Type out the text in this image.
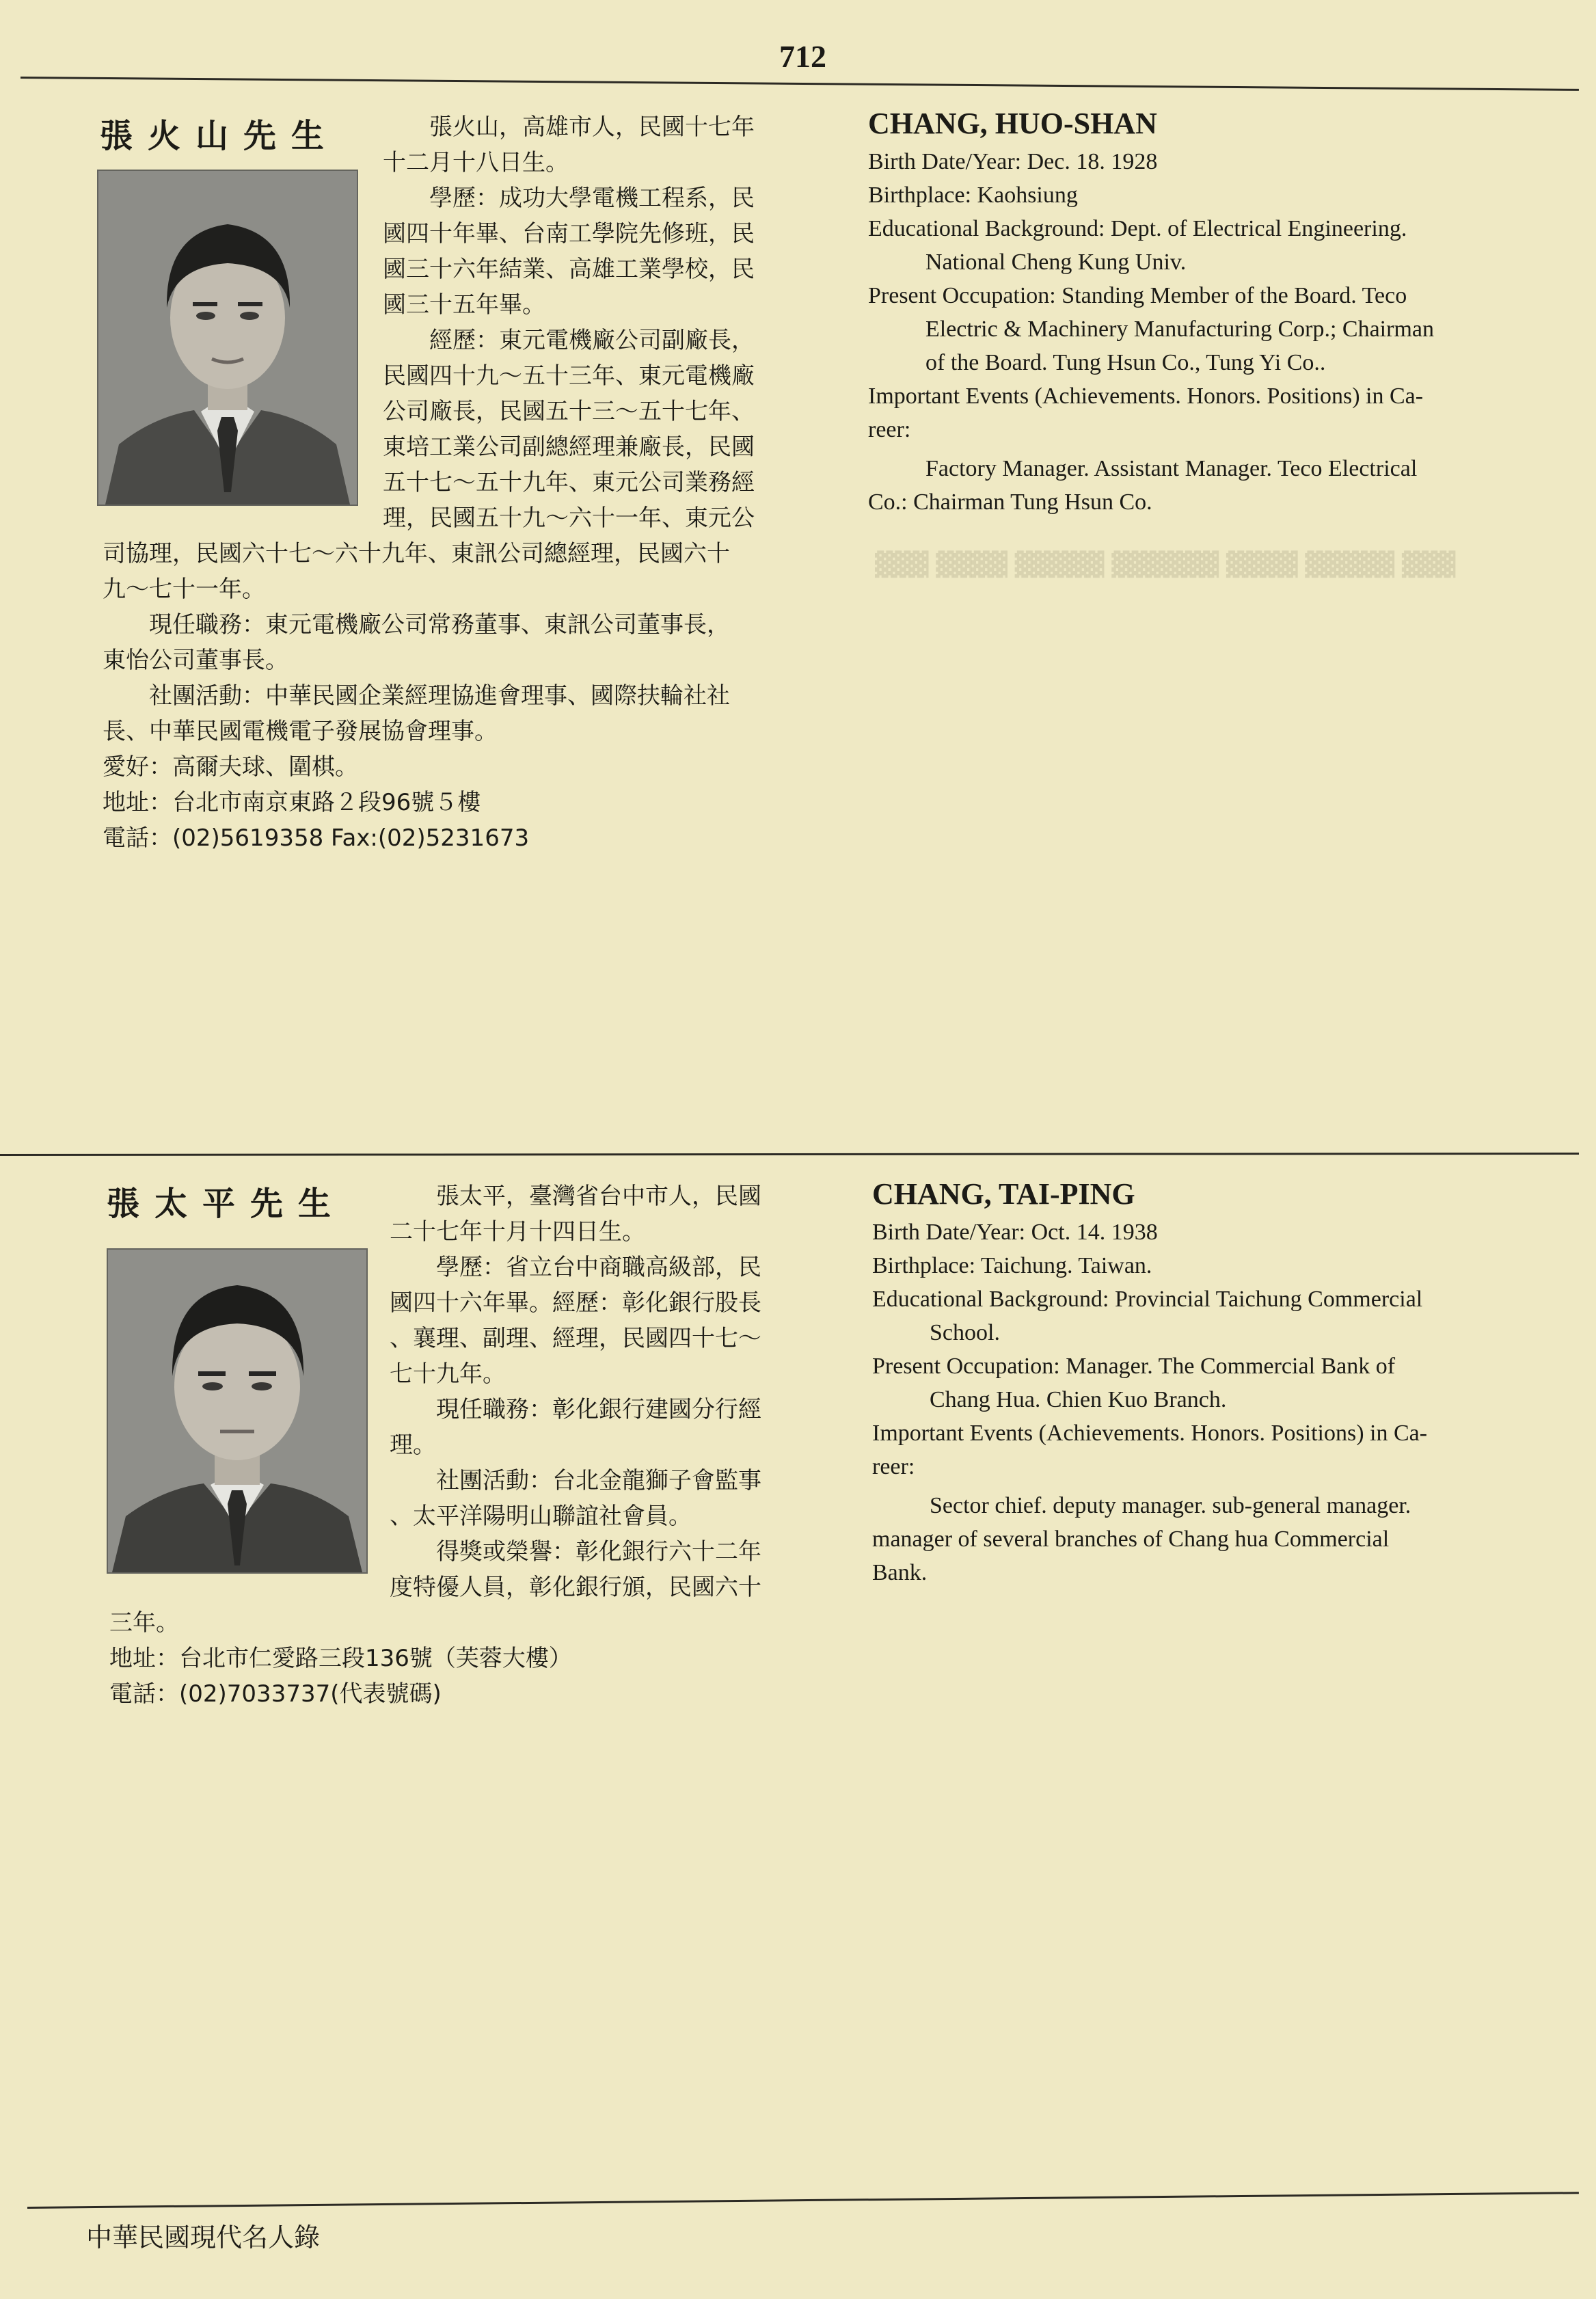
712
▓▓▓ ▓▓▓▓ ▓▓▓▓▓ ▓▓▓▓▓▓ ▓▓▓▓ ▓▓▓▓▓ ▓▓▓
張火山先生	　　張火山，高雄市人，民國十七年
十二月十八日生。
　　學歷：成功大學電機工程系，民
國四十年畢、台南工學院先修班，民
國三十六年結業、高雄工業學校，民
國三十五年畢。
　　經歷：東元電機廠公司副廠長，
民國四十九～五十三年、東元電機廠
公司廠長，民國五十三～五十七年、
東培工業公司副總經理兼廠長，民國
五十七～五十九年、東元公司業務經
理，民國五十九～六十一年、東元公
司協理，民國六十七～六十九年、東訊公司總經理，民國六十
九～七十一年。
　　現任職務：東元電機廠公司常務董事、東訊公司董事長，
東怡公司董事長。
　　社團活動：中華民國企業經理協進會理事、國際扶輪社社
長、中華民國電機電子發展協會理事。
愛好：高爾夫球、圍棋。
地址：台北市南京東路２段96號５樓
電話：(02)5619358 Fax:(02)5231673
CHANG, HUO-SHAN
Birth Date/Year: Dec. 18. 1928
Birthplace: Kaohsiung
Educational Background: Dept. of Electrical Engineering.
National Cheng Kung Univ.
Present Occupation: Standing Member of the Board. Teco
Electric & Machinery Manufacturing Corp.; Chairman
of the Board. Tung Hsun Co., Tung Yi Co..
Important Events (Achievements. Honors. Positions) in Ca-
reer:
Factory Manager. Assistant Manager. Teco Electrical
Co.: Chairman Tung Hsun Co.
張太平先生	　　張太平，臺灣省台中市人，民國
二十七年十月十四日生。
　　學歷：省立台中商職高級部，民
國四十六年畢。經歷：彰化銀行股長
、襄理、副理、經理，民國四十七～
七十九年。
　　現任職務：彰化銀行建國分行經
理。
　　社團活動：台北金龍獅子會監事
、太平洋陽明山聯誼社會員。
　　得獎或榮譽：彰化銀行六十二年
度特優人員，彰化銀行頒，民國六十
三年。
地址：台北市仁愛路三段136號（芙蓉大樓）
電話：(02)7033737(代表號碼)
CHANG, TAI-PING
Birth Date/Year: Oct. 14. 1938
Birthplace: Taichung. Taiwan.
Educational Background: Provincial Taichung Commercial
School.
Present Occupation: Manager. The Commercial Bank of
Chang Hua. Chien Kuo Branch.
Important Events (Achievements. Honors. Positions) in Ca-
reer:
Sector chief. deputy manager. sub-general manager.
manager of several branches of Chang hua Commercial
Bank.
中華民國現代名人錄
